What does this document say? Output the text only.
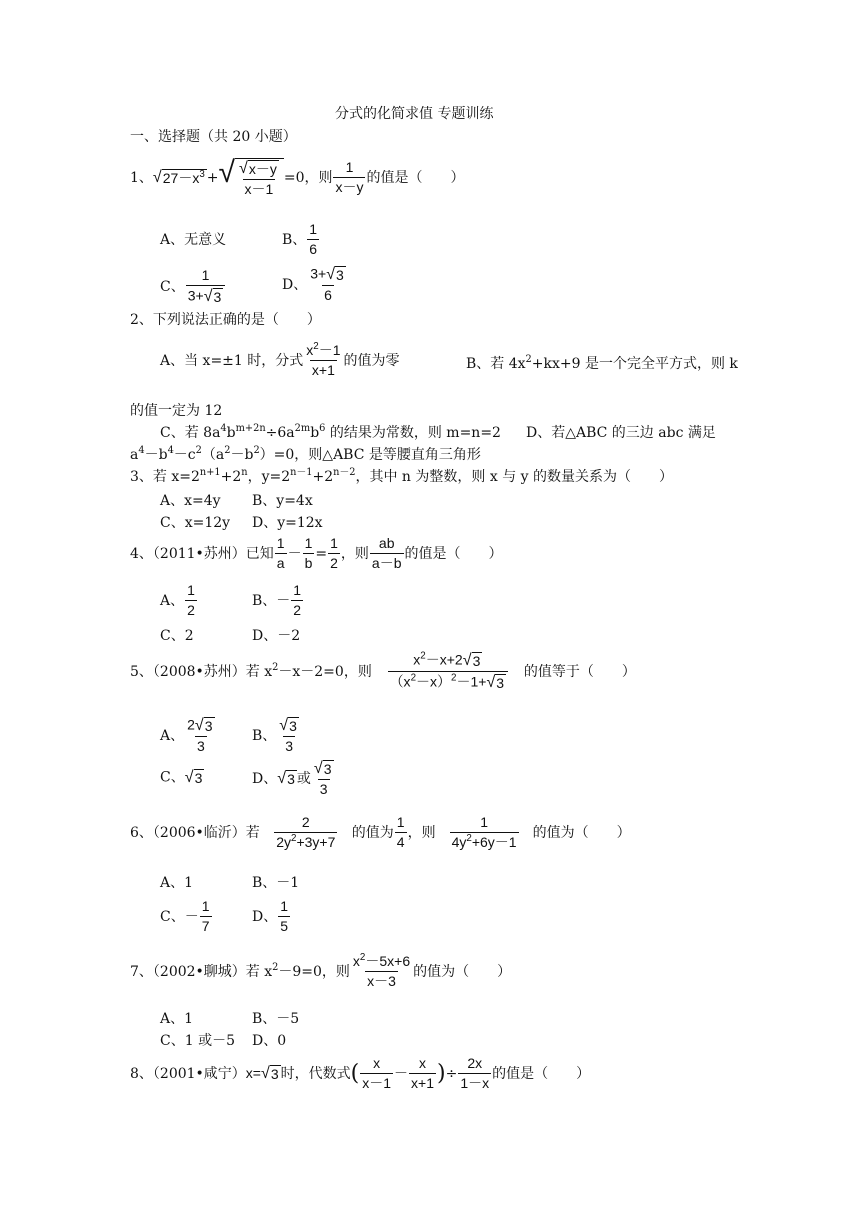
分式的化简求值 专题训练
一、选择题（共 20 小题）
1、 √ $27-x^3$ + √ $\frac{√ x-y}{x-1} =0$，则 $\frac{1}{x-y}$ 的值是（　　）
A、无意义	B、 $\frac{1}{6}$
C、 $\frac{1}{3+ √ 3}$	D、 $\frac{3+ √ 3}{6}$
2、下列说法正确的是（　　）
A、当 x=±1 时，分式 $\frac{x^2-1}{x+1}$ 的值为零	B、若 $4x^2+kx+9$ 是一个完全平方式，则 k
的值一定为 12
C、若 $8a^4b^{m+2n}\div 6a^{2m}b^6$ 的结果为常数，则 m=n=2 D、若△ABC 的三边 abc 满足
$a^4-b^4-c^2(a^2-b^2)=0$，则△ABC 是等腰直角三角形
3、若 $x=2^{n+1}+2^n$，$y=2^{n-1}+2^{n-2}$，其中 n 为整数，则 x 与 y 的数量关系为（　　）
A、x=4y B、y=4x
C、x=12y D、y=12x
4、（2011•苏州）已知 $\frac{1}{a} - \frac{1}{b} = \frac{1}{2}$ ，则 $\frac{ab}{a-b}$ 的值是（　　）
A、 $\frac{1}{2}$	B、－ $\frac{1}{2}$
C、2	D、－2
5、（2008•苏州）若 $x^2-x-2=0$，则 $\frac{x^2-x+2 √ 3}{(x^2-x)^2-1+ √ 3}$ 的值等于（　　）
A、 $\frac{2 √ 3}{3}$	B、 $\frac{√ 3}{3}$
C、 √ 3	D、 √ 3 或 $\frac{√ 3}{3}$
6、（2006•临沂）若 $\frac{2}{2y^2+3y+7}$ 的值为 $\frac{1}{4}$ ，则 $\frac{1}{4y^2+6y-1}$ 的值为（　　）
A、1	B、－1
C、－ $\frac{1}{7}$	D、 $\frac{1}{5}$
7、（2002•聊城）若 $x^2-9=0$，则 $\frac{x^2-5x+6}{x-3}$ 的值为（　　）
A、1	B、－5
C、1 或－5 D、0
8、（2001•咸宁）x= √ 3 时，代数式( $\frac{x}{x-1} - \frac{x}{x+1}$ )÷ $\frac{2x}{1-x}$ 的值是（　　）
